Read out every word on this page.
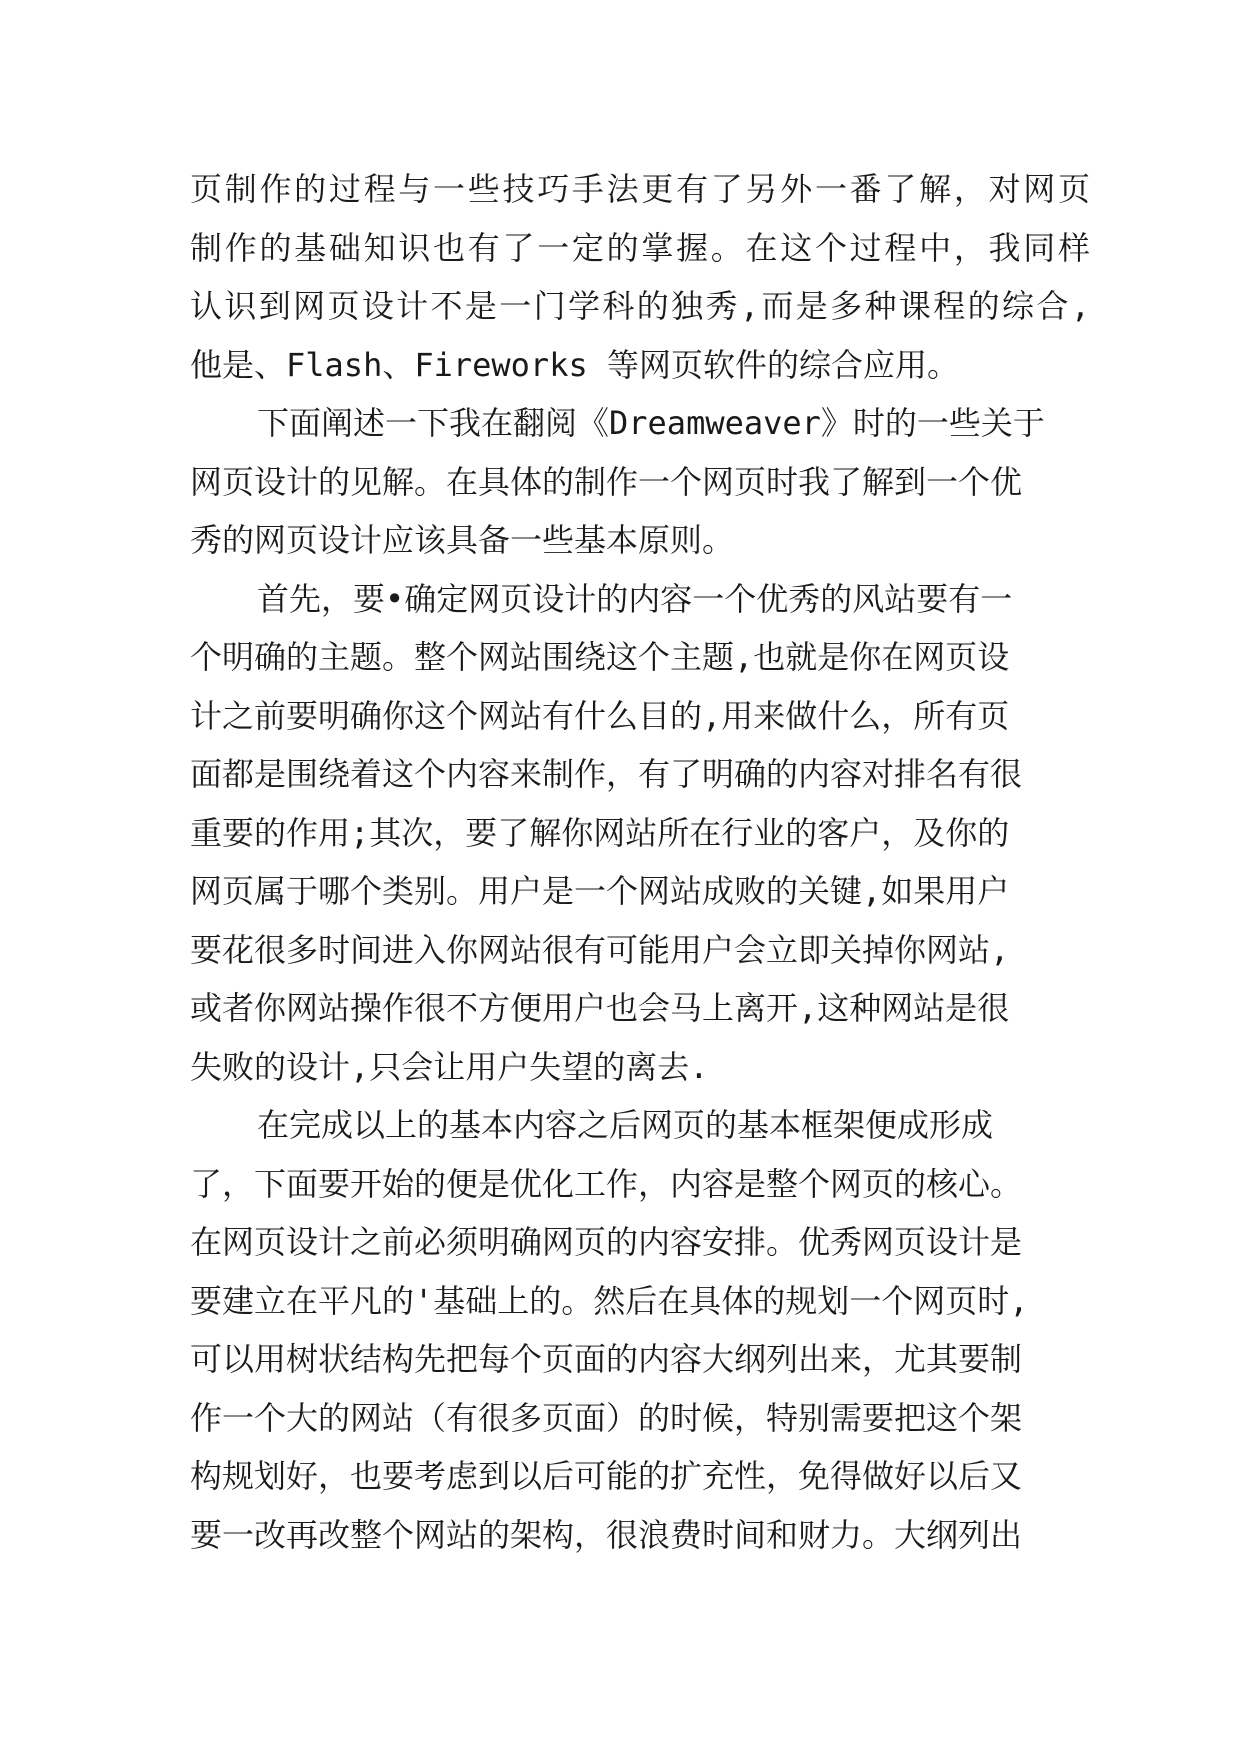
页制作的过程与一些技巧手法更有了另外一番了解，对网页
制作的基础知识也有了一定的掌握。在这个过程中，我同样
认识到网页设计不是一门学科的独秀,而是多种课程的综合,
他是、Flash、Fireworks 等网页软件的综合应用。
下面阐述一下我在翻阅《Dreamweaver》时的一些关于
网页设计的见解。在具体的制作一个网页时我了解到一个优
秀的网页设计应该具备一些基本原则。
首先，要•确定网页设计的内容一个优秀的风站要有一
个明确的主题。整个网站围绕这个主题,也就是你在网页设
计之前要明确你这个网站有什么目的,用来做什么，所有页
面都是围绕着这个内容来制作，有了明确的内容对排名有很
重要的作用;其次，要了解你网站所在行业的客户，及你的
网页属于哪个类别。用户是一个网站成败的关键,如果用户
要花很多时间进入你网站很有可能用户会立即关掉你网站,
或者你网站操作很不方便用户也会马上离开,这种网站是很
失败的设计,只会让用户失望的离去.
在完成以上的基本内容之后网页的基本框架便成形成
了，下面要开始的便是优化工作，内容是整个网页的核心。
在网页设计之前必须明确网页的内容安排。优秀网页设计是
要建立在平凡的'基础上的。然后在具体的规划一个网页时,
可以用树状结构先把每个页面的内容大纲列出来，尤其要制
作一个大的网站（有很多页面）的时候，特别需要把这个架
构规划好，也要考虑到以后可能的扩充性，免得做好以后又
要一改再改整个网站的架构，很浪费时间和财力。大纲列出
